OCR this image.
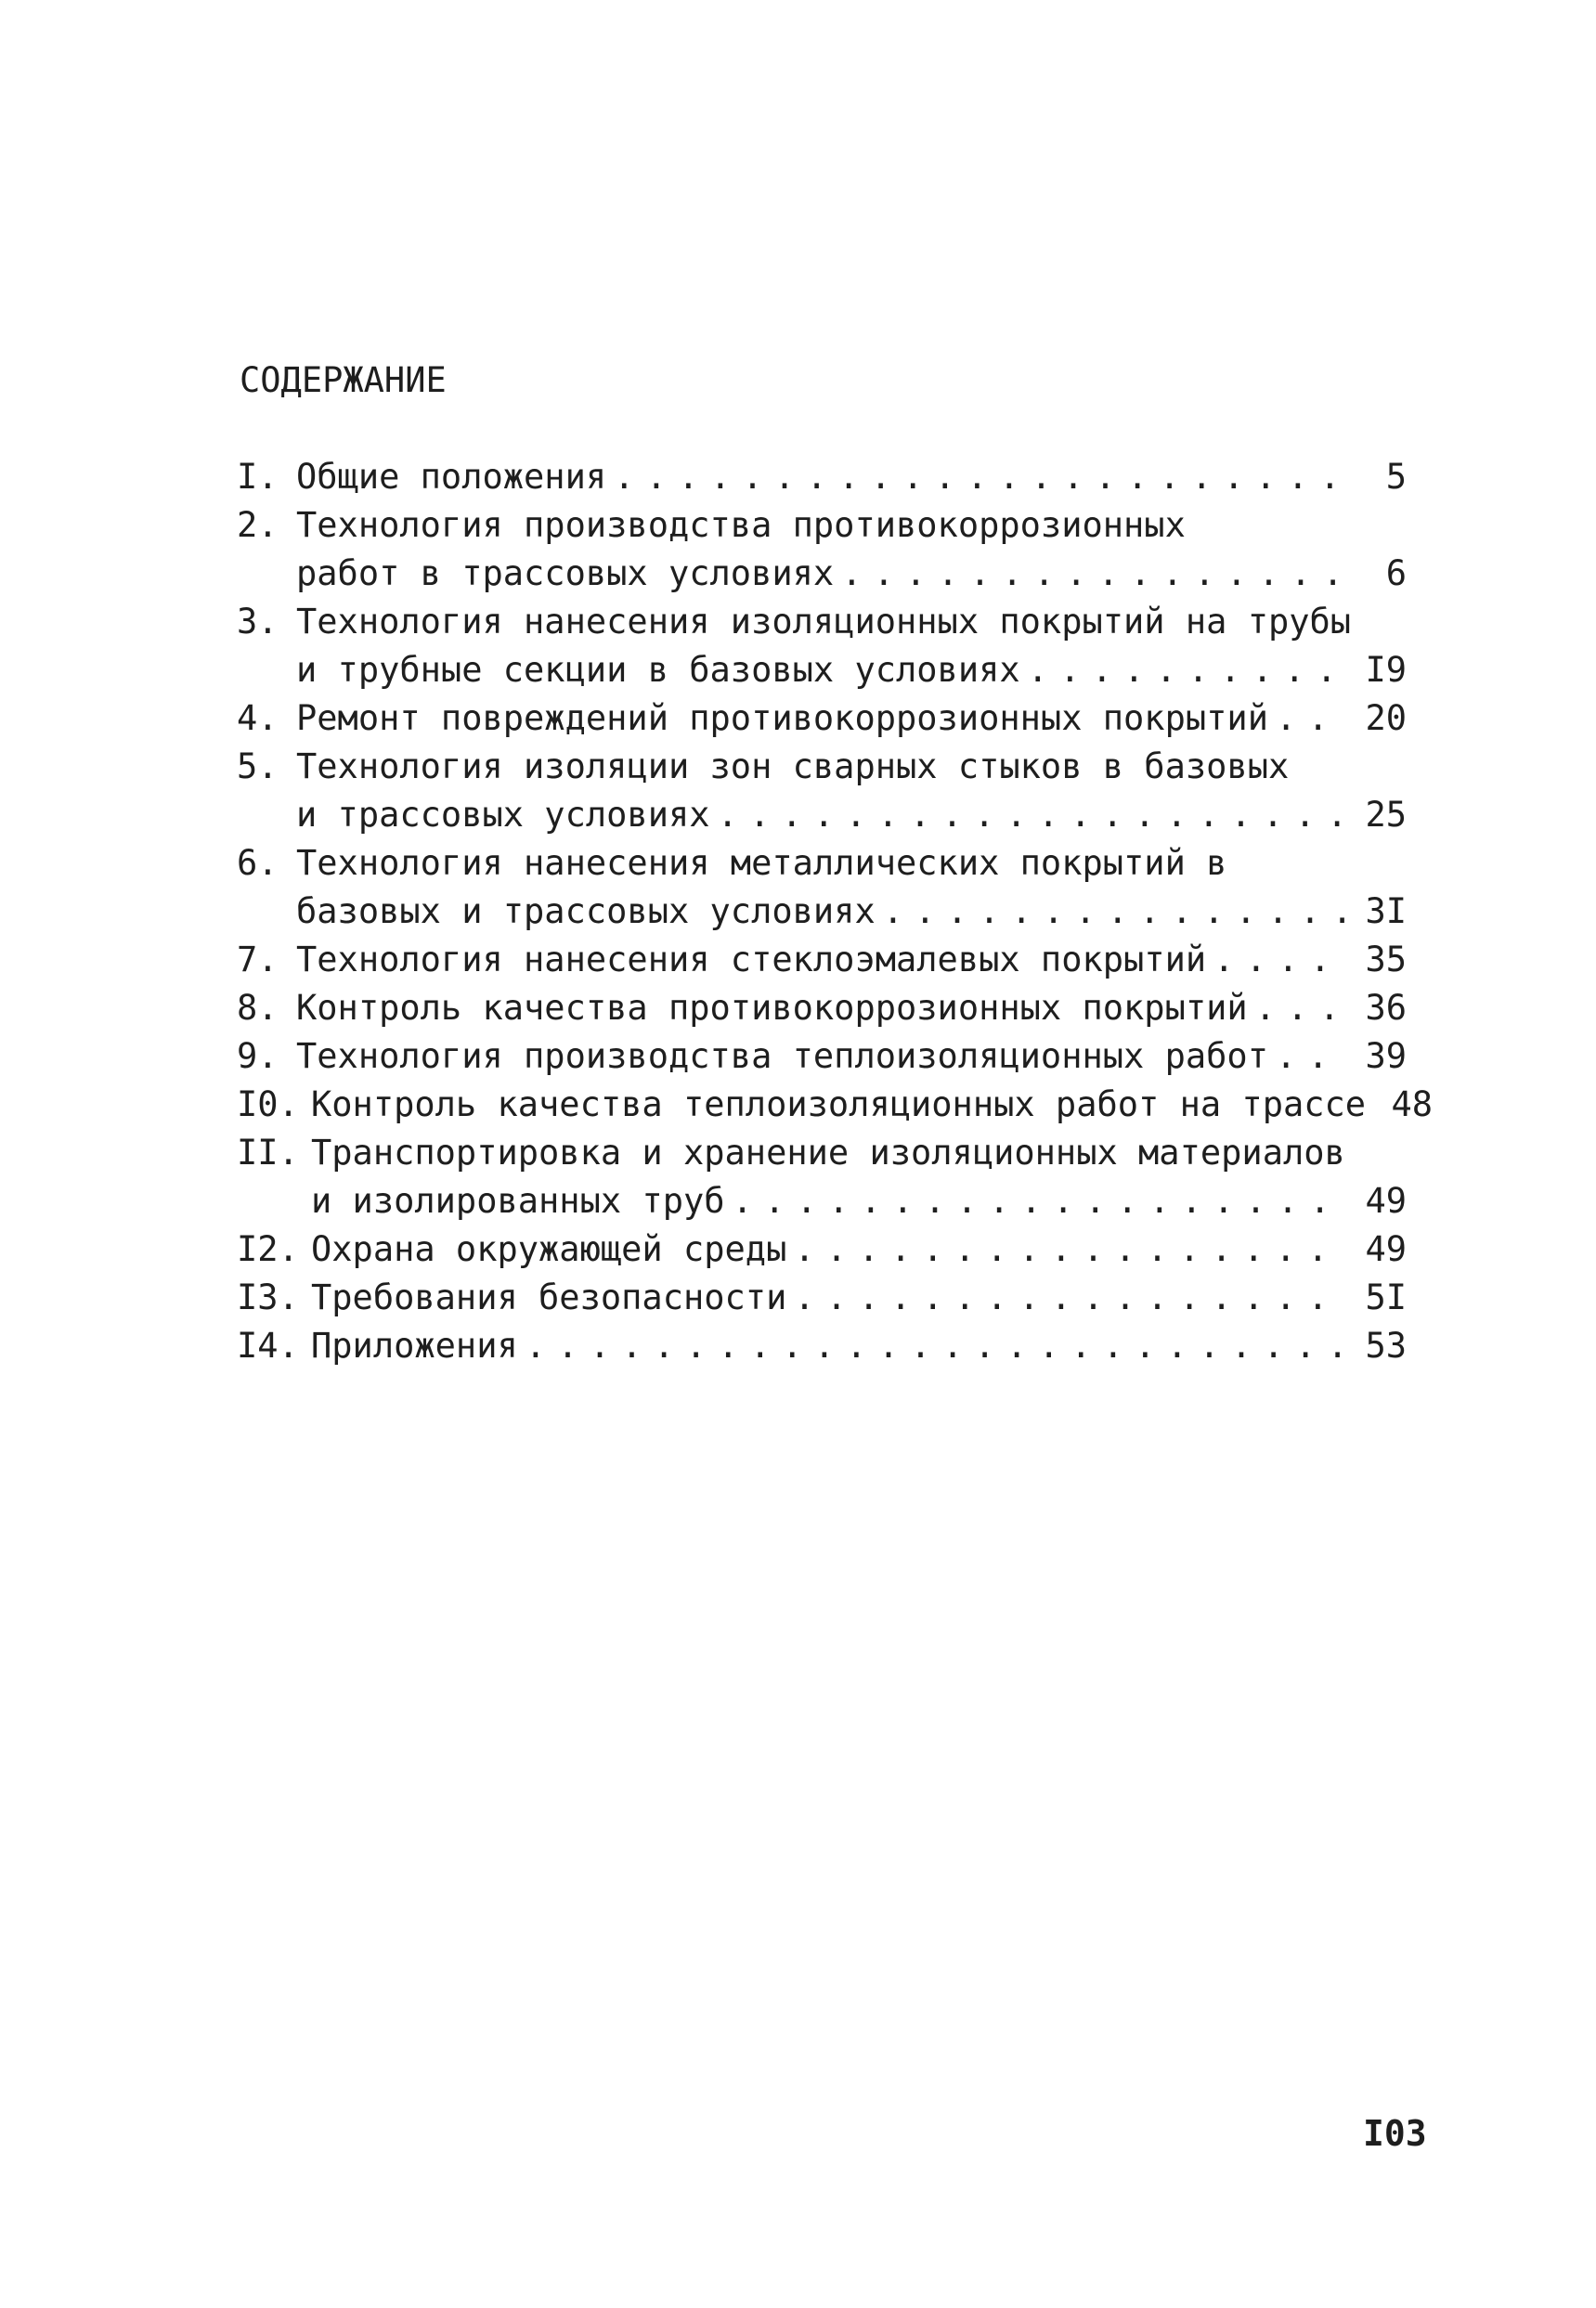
СОДЕРЖАНИЕ
I. Общие положения . . .	5
2. Технология производства противокоррозионных
работ в трассовых условиях . . .	6
3. Технология нанесения изоляционных покрытий на трубы
и трубные секции в базовых условиях . . .	I9
4. Ремонт повреждений противокоррозионных покрытий . . .	20
5. Технология изоляции зон сварных стыков в базовых
и трассовых условиях . . .	25
6. Технология нанесения металлических покрытий в
базовых и трассовых условиях . . .	3I
7. Технология нанесения стеклоэмалевых покрытий . . .	35
8. Контроль качества противокоррозионных покрытий . . .	36
9. Технология производства теплоизоляционных работ . . .	39
I0. Контроль качества теплоизоляционных работ на трассе 48
II. Транспортировка и хранение изоляционных материалов
и изолированных труб . . .	49
I2. Охрана окружающей среды . . .	49
I3. Требования безопасности . . .	5I
I4. Приложения . . .	53
I03
